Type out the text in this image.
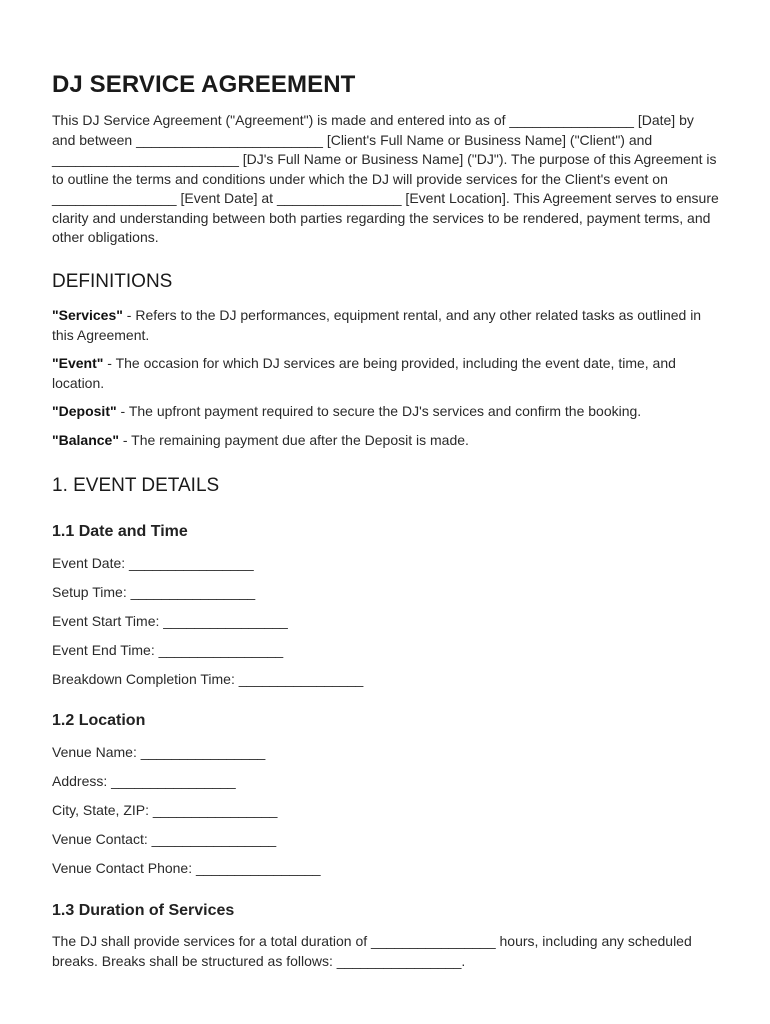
DJ SERVICE AGREEMENT

This DJ Service Agreement ("Agreement") is made and entered into as of ________________ [Date] by and between ________________________ [Client's Full Name or Business Name] ("Client") and ________________________ [DJ's Full Name or Business Name] ("DJ"). The purpose of this Agreement is to outline the terms and conditions under which the DJ will provide services for the Client's event on ________________ [Event Date] at ________________ [Event Location]. This Agreement serves to ensure clarity and understanding between both parties regarding the services to be rendered, payment terms, and other obligations.

DEFINITIONS

"Services" - Refers to the DJ performances, equipment rental, and any other related tasks as outlined in this Agreement.

"Event" - The occasion for which DJ services are being provided, including the event date, time, and location.

"Deposit" - The upfront payment required to secure the DJ's services and confirm the booking.

"Balance" - The remaining payment due after the Deposit is made.

1. EVENT DETAILS
1.1 Date and Time

Event Date: ________________

Setup Time: ________________

Event Start Time: ________________

Event End Time: ________________

Breakdown Completion Time: ________________

1.2 Location

Venue Name: ________________

Address: ________________

City, State, ZIP: ________________

Venue Contact: ________________

Venue Contact Phone: ________________

1.3 Duration of Services

The DJ shall provide services for a total duration of ________________ hours, including any scheduled breaks. Breaks shall be structured as follows: ________________.
